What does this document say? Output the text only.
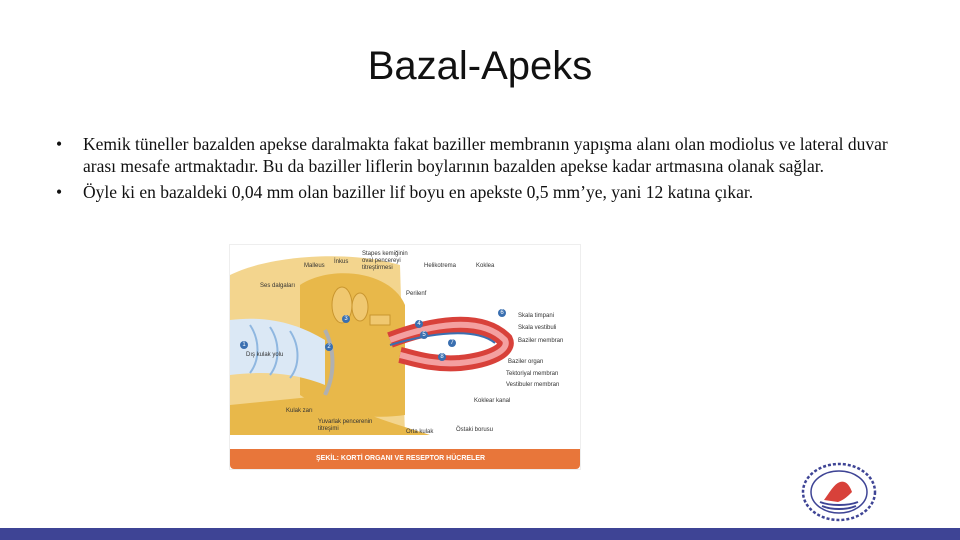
Bazal-Apeks
• Kemik tüneller bazalden apekse daralmakta fakat baziller membranın yapışma alanı olan modiolus ve lateral duvar arası mesafe artmaktadır. Bu da baziller liflerin boylarının bazalden apekse kadar artmasına olanak sağlar.
• Öyle ki en bazaldeki 0,04 mm olan baziller lif boyu en apekste 0,5 mm’ye, yani 12 katına çıkar.
1	2
3
4
5
6
7
8
Malleus
İnkus
Stapes kemiğinin oval pencereyi titreştirmesi	Helikotrema	Koklea
Ses dalgaları
Perilenf
Skala timpani
Skala vestibuli
Baziler membran
Dış kulak yolu
Baziler organ
Tektoriyal membran
Vestibuler membran
Koklear kanal
Kulak zarı
Yuvarlak pencerenin titreşimi	Orta kulak	Östaki borusu
ŞEKİL: KORTİ ORGANI VE RESEPTOR HÜCRELER
